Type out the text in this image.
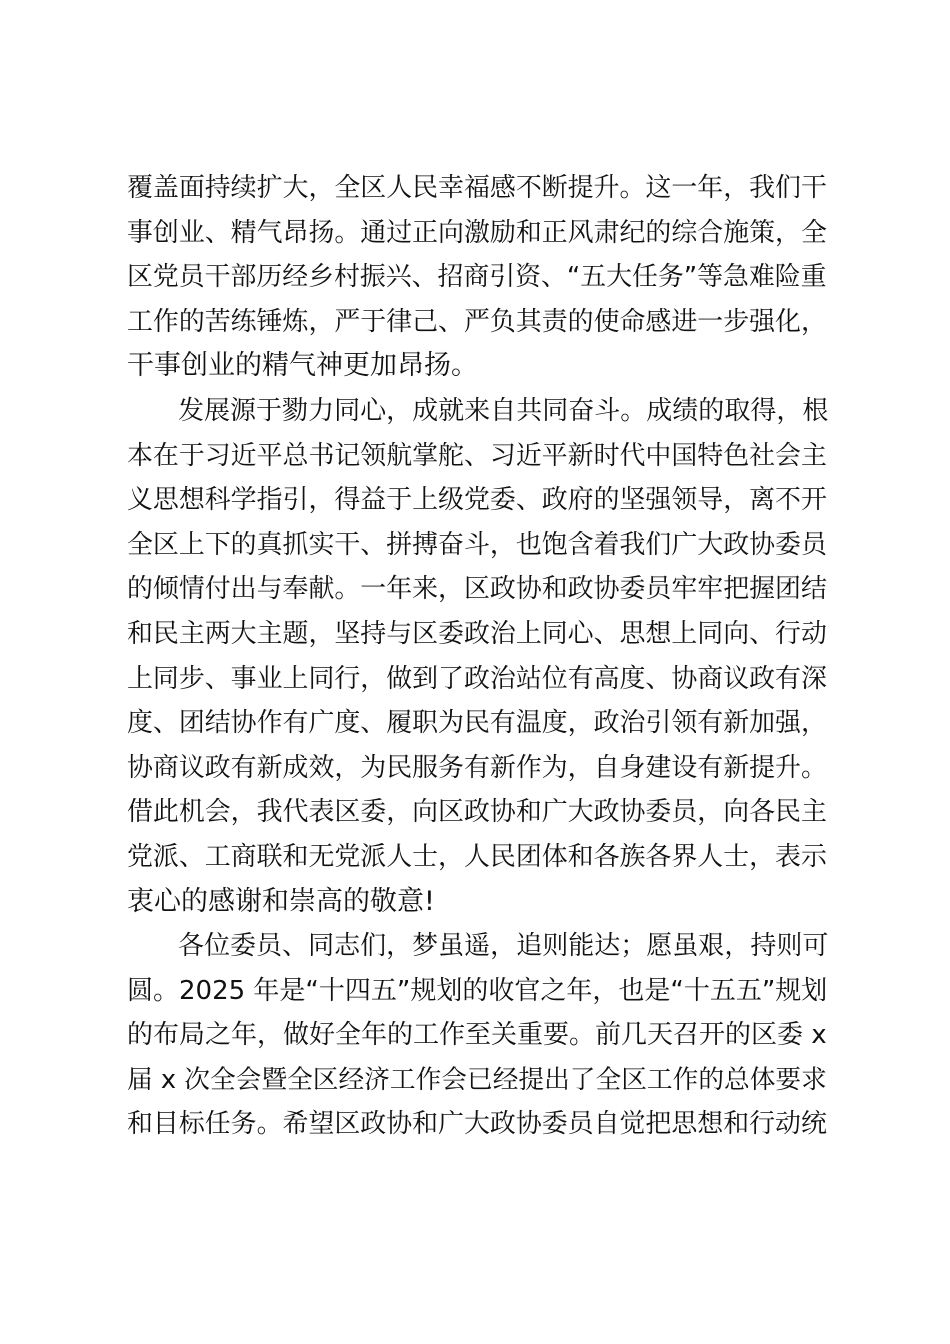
覆盖面持续扩大，全区人民幸福感不断提升。这一年，我们干
事创业、精气昂扬。通过正向激励和正风肃纪的综合施策，全
区党员干部历经乡村振兴、招商引资、“五大任务”等急难险重
工作的苦练锤炼，严于律己、严负其责的使命感进一步强化，
干事创业的精气神更加昂扬。
发展源于勠力同心，成就来自共同奋斗。成绩的取得，根
本在于习近平总书记领航掌舵、习近平新时代中国特色社会主
义思想科学指引，得益于上级党委、政府的坚强领导，离不开
全区上下的真抓实干、拼搏奋斗，也饱含着我们广大政协委员
的倾情付出与奉献。一年来，区政协和政协委员牢牢把握团结
和民主两大主题，坚持与区委政治上同心、思想上同向、行动
上同步、事业上同行，做到了政治站位有高度、协商议政有深
度、团结协作有广度、履职为民有温度，政治引领有新加强，
协商议政有新成效，为民服务有新作为，自身建设有新提升。
借此机会，我代表区委，向区政协和广大政协委员，向各民主
党派、工商联和无党派人士，人民团体和各族各界人士，表示
衷心的感谢和崇高的敬意!
各位委员、同志们，梦虽遥，追则能达；愿虽艰，持则可
圆。2025 年是“十四五”规划的收官之年，也是“十五五”规划
的布局之年，做好全年的工作至关重要。前几天召开的区委 x
届 x 次全会暨全区经济工作会已经提出了全区工作的总体要求
和目标任务。希望区政协和广大政协委员自觉把思想和行动统
